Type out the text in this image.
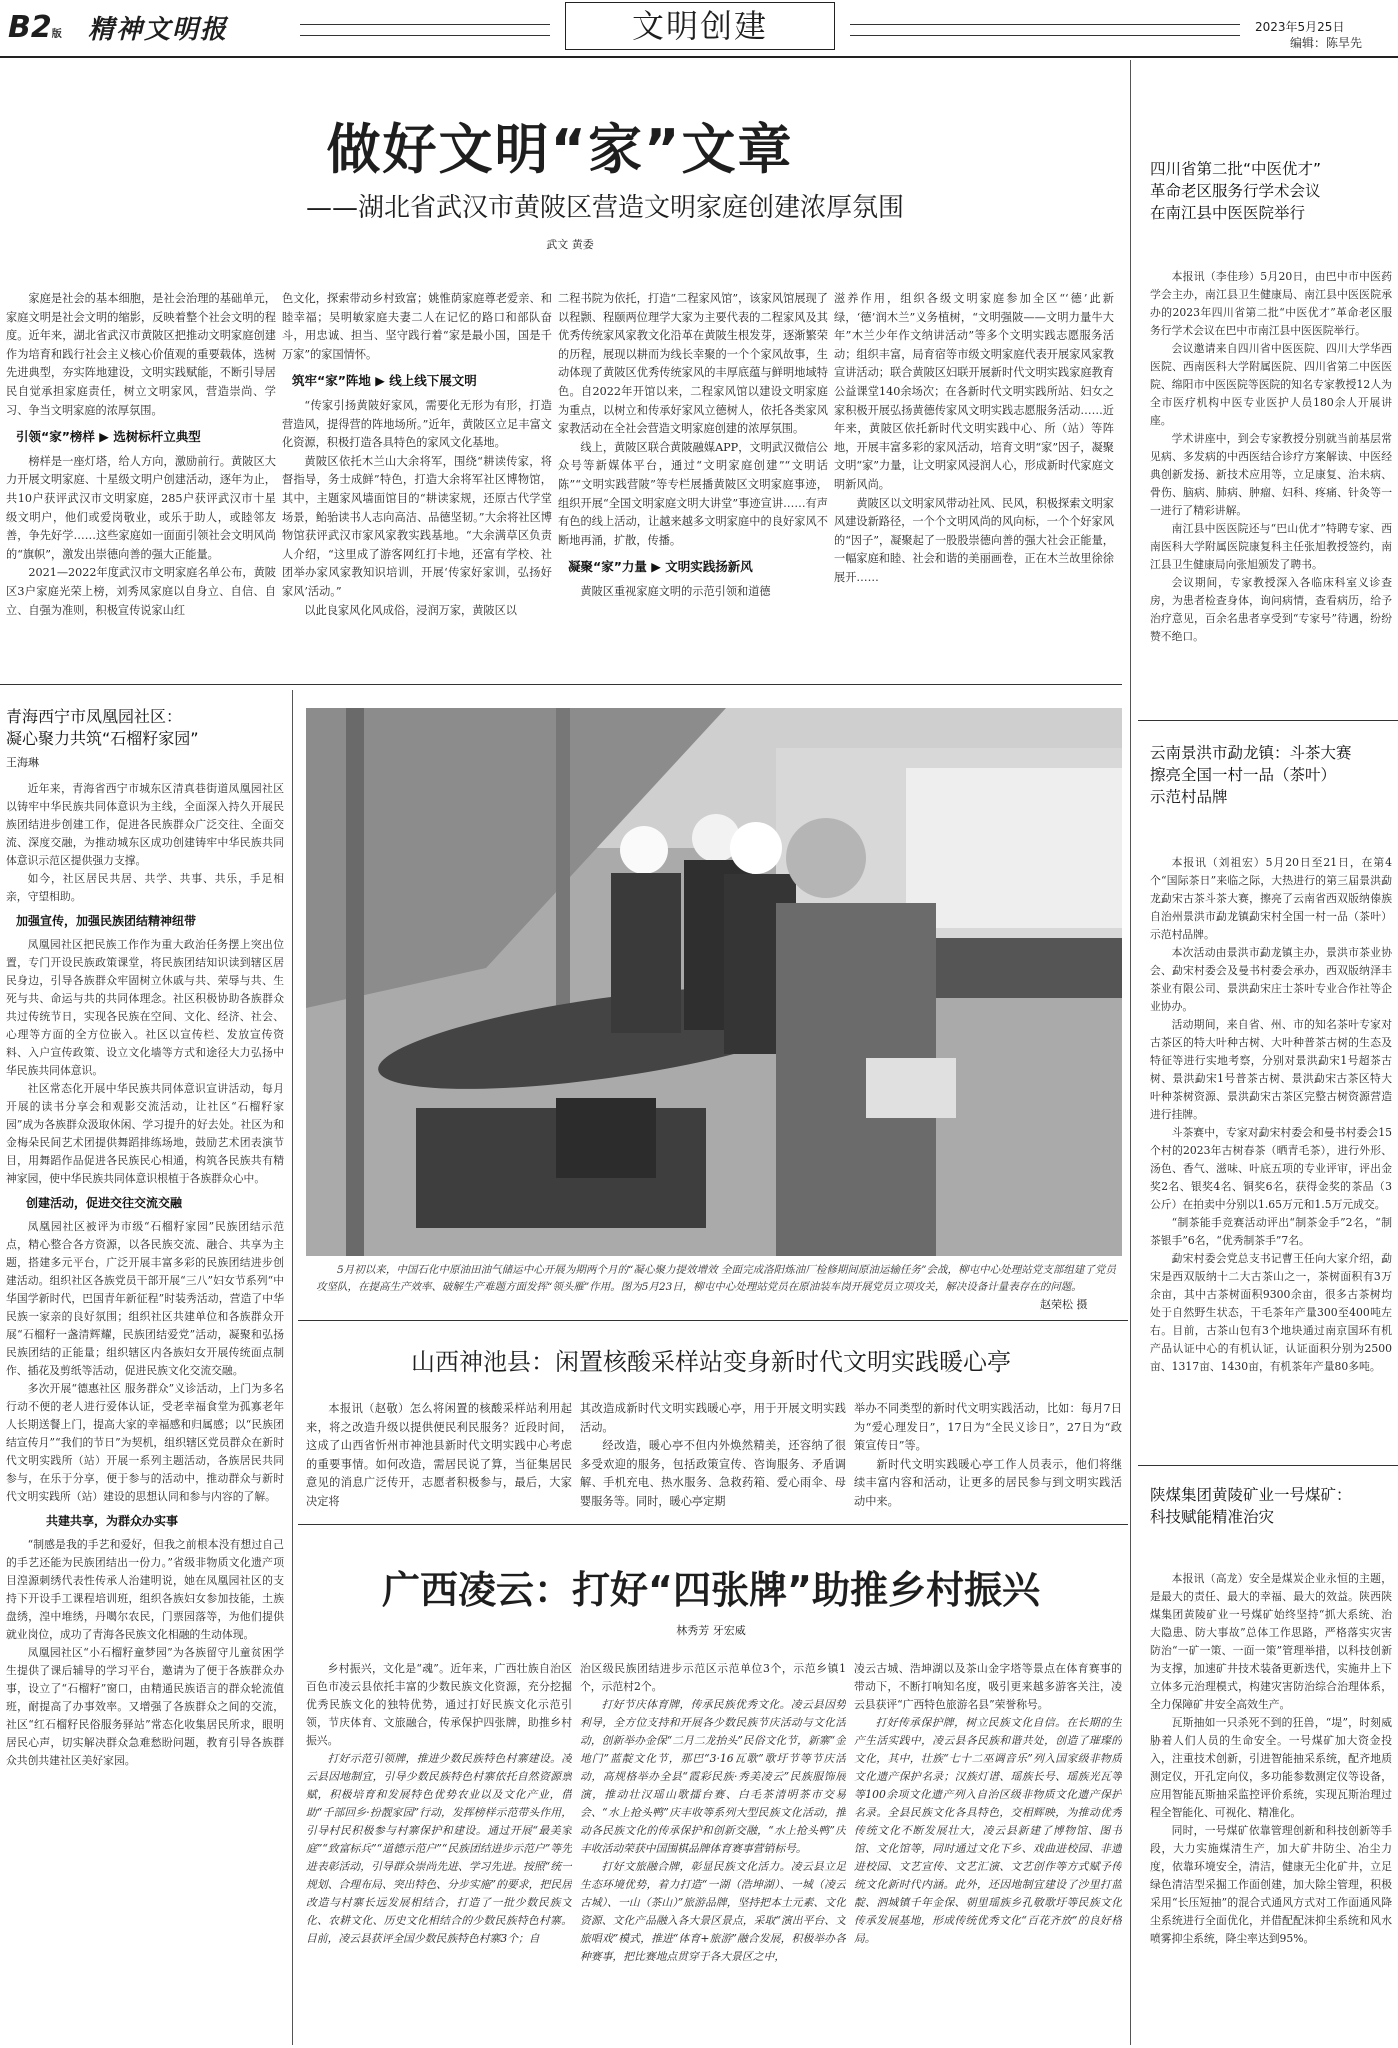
B2版 精神文明报	文明创建	2023年5月25日
编辑：陈旱先
做好文明“家”文章
——湖北省武汉市黄陂区营造文明家庭创建浓厚氛围
武文 黄委

家庭是社会的基本细胞，是社会治理的基础单元，家庭文明是社会文明的缩影，反映着整个社会文明的程度。近年来，湖北省武汉市黄陂区把推动文明家庭创建作为培育和践行社会主义核心价值观的重要载体，选树先进典型，夯实阵地建设，文明实践赋能，不断引导居民自觉承担家庭责任，树立文明家风，营造崇尚、学习、争当文明家庭的浓厚氛围。

引领“家”榜样 ▶ 选树标杆立典型

榜样是一座灯塔，给人方向，激励前行。黄陂区大力开展文明家庭、十星级文明户创建活动，逐年为止，共10户获评武汉市文明家庭，285户获评武汉市十星级文明户，他们或爱岗敬业，或乐于助人，或睦邻友善，争先好学……这些家庭如一面面引领社会文明风尚的“旗帜”，激发出崇德向善的强大正能量。

2021—2022年度武汉市文明家庭名单公布，黄陂区3户家庭光荣上榜，刘秀凤家庭以自身立、自信、自立、自强为准则，积极宣传说家山红

色文化，探索带动乡村致富；姚惟荫家庭尊老爱亲、和睦幸福；吴明敏家庭夫妻二人在记忆的路口和部队奋斗，用忠诚、担当、坚守践行着“家是最小国，国是千万家”的家国情怀。

筑牢“家”阵地 ▶ 线上线下展文明

“传家引扬黄陂好家风，需要化无形为有形，打造营造风，提得营的阵地场所。”近年，黄陂区立足丰富文化资源，积极打造各具特色的家风文化基地。

黄陂区依托木兰山大余将军，围绕“耕读传家，将督指导，务士成鲜”特色，打造大余将军社区博物馆，其中，主题家风墙面馆目的“耕读家规，还原古代学堂场景，鲐骀读书人志向高洁、品德坚韧。”大余将社区博物馆获评武汉市家风家教实践基地。“大余满草区负责人介绍，“这里成了游客网红打卡地，还富有学校、社团举办家风家教知识培训，开展‘传家好家训，弘扬好家风’活动。”

以此良家风化风成俗，浸润万家，黄陂区以

二程书院为依托，打造“二程家风馆”，该家风馆展现了以程颢、程颐两位理学大家为主要代表的二程家风及其优秀传统家风家教文化沿革在黄陂生根发芽，逐渐繁荣的历程，展现以耕而为线长幸聚的一个个家风故事，生动体现了黄陂区优秀传统家风的丰厚底蕴与鲜明地域特色。自2022年开馆以来，二程家风馆以建设文明家庭为重点，以树立和传承好家风立德树人，依托各类家风家教活动在全社会营造文明家庭创建的浓厚氛围。

线上，黄陂区联合黄陂融媒APP，文明武汉微信公众号等新媒体平台，通过“文明家庭创建”“文明话陈”“文明实践营陂”等专栏展播黄陂区文明家庭事迹，组织开展“全国文明家庭文明大讲堂”事迹宣讲……有声有色的线上活动，让越来越多文明家庭中的良好家风不断地再涌，扩散，传播。

凝聚“家”力量 ▶ 文明实践扬新风

黄陂区重视家庭文明的示范引领和道德

滋养作用，组织各级文明家庭参加全区“‘德’此新绿，‘德’润木兰”义务植树，“文明强陂——文明力量牛大年”木兰少年作文纳讲活动”等多个文明实践志愿服务活动；组织丰富，局育宿等市级文明家庭代表开展家风家教宣讲活动；联合黄陂区妇联开展新时代文明实践家庭教育公益课堂140余场次；在各新时代文明实践所站、妇女之家积极开展弘扬黄德传家风文明实践志愿服务活动……近年来，黄陂区依托新时代文明实践中心、所（站）等阵地，开展丰富多彩的家风活动，培育文明“家”因子，凝聚文明“家”力量，让文明家风浸润人心，形成新时代家庭文明新风尚。

黄陂区以文明家风带动社风、民风，积极探索文明家风建设新路径，一个个文明风尚的风向标，一个个好家风的“因子”，凝聚起了一股股崇德向善的强大社会正能量，一幅家庭和睦、社会和谐的美丽画卷，正在木兰故里徐徐展开……

四川省第二批“中医优才”
革命老区服务行学术会议
在南江县中医医院举行

本报讯（李佳珍）5月20日，由巴中市中医药学会主办，南江县卫生健康局、南江县中医医院承办的2023年四川省第二批“中医优才”革命老区服务行学术会议在巴中市南江县中医医院举行。

会议邀请来自四川省中医医院、四川大学华西医院、西南医科大学附属医院、四川省第二中医医院、绵阳市中医医院等医院的知名专家教授12人为全市医疗机构中医专业医护人员180余人开展讲座。

学术讲座中，到会专家教授分别就当前基层常见病、多发病的中西医结合诊疗方案解读、中医经典创新发扬、新技术应用等，立足康复、治未病、骨伤、脑病、肺病、肿瘤、妇科、疼痛、针灸等一一进行了精彩讲解。

南江县中医医院还与“巴山优才”特聘专家、西南医科大学附属医院康复科主任张旭教授签约，南江县卫生健康局向张旭颁发了聘书。

会议期间，专家教授深入各临床科室义诊查房，为患者检查身体，询问病情，查看病历，给予治疗意见，百余名患者享受到“专家号”待遇，纷纷赞不绝口。

云南景洪市勐龙镇：斗茶大赛
擦亮全国一村一品（茶叶）
示范村品牌

本报讯（刘祖宏）5月20日至21日，在第4个“国际茶日”来临之际，大热进行的第三届景洪勐龙勐宋古茶斗茶大赛，擦亮了云南省西双版纳傣族自治州景洪市勐龙镇勐宋村全国一村一品（茶叶）示范村品牌。

本次活动由景洪市勐龙镇主办，景洪市茶业协会、勐宋村委会及曼书村委会承办，西双版纳泽丰茶业有限公司、景洪勐宋庄士茶叶专业合作社等企业协办。

活动期间，来自省、州、市的知名茶叶专家对古茶区的特大叶种古树、大叶种普茶古树的生态及特征等进行实地考察，分别对景洪勐宋1号超茶古树、景洪勐宋1号普茶古树、景洪勐宋古茶区特大叶种茶树资源、景洪勐宋古茶区完整古树资源营造进行挂牌。

斗茶赛中，专家对勐宋村委会和曼书村委会15个村的2023年古树春茶（晒青毛茶），进行外形、汤色、香气、滋味、叶底五项的专业评审，评出金奖2名、银奖4名、铜奖6名，获得金奖的茶品（3公斤）在拍卖中分别以1.65万元和1.5万元成交。

“制茶能手竞赛活动评出“制茶金手”2名，“制茶银手”6名，“优秀制茶手”7名。

勐宋村委会党总支书记曹王任向大家介绍，勐宋是西双版纳十二大古茶山之一，茶树面积有3万余亩，其中古茶树面积9300余亩，很多古茶树均处于自然野生状态，干毛茶年产量300至400吨左右。目前，古茶山包有3个地块通过南京国环有机产品认证中心的有机认证，认证面积分别为2500亩、1317亩、1430亩，有机茶年产量80多吨。

陕煤集团黄陵矿业一号煤矿：
科技赋能精准治灾

本报讯（高龙）安全是煤炭企业永恒的主题，是最大的责任、最大的幸福、最大的效益。陕西陕煤集团黄陵矿业一号煤矿始终坚持“抓大系统、治大隐患、防大事故”总体工作思路，严格落实灾害防治“一矿一策、一面一策”管理举措，以科技创新为支撑，加速矿井技术装备更新迭代，实施井上下立体多元治理模式，构建灾害防治综合治理体系，全力保障矿井安全高效生产。

瓦斯抽如一只杀死不到的狂兽，“堤”，时刻威胁着人们人员的生命安全。一号煤矿加大资金投入，注重技术创新，引进智能抽采系统，配齐地质测定仪，开孔定向仪，多功能参数测定仪等设备，应用智能瓦斯抽采监控评价系统，实现瓦斯治理过程全智能化、可视化、精准化。

同时，一号煤矿依靠管理创新和科技创新等手段，大力实施煤清生产，加大矿井防尘、冶尘力度，依靠环境安全，清洁，健康无尘化矿井，立足绿色清洁型采掘工作面创建，加大除尘管理，积极采用“长压短抽”的混合式通风方式对工作面通风降尘系统进行全面优化，并借配配沫抑尘系统和风水喷雾抑尘系统，降尘率达到95%。

青海西宁市凤凰园社区：
凝心聚力共筑“石榴籽家园”
王海琳

近年来，青海省西宁市城东区清真巷街道凤凰园社区以铸牢中华民族共同体意识为主线，全面深入持久开展民族团结进步创建工作，促进各民族群众广泛交往、全面交流、深度交融，为推动城东区成功创建铸牢中华民族共同体意识示范区提供强力支撑。

如今，社区居民共居、共学、共事、共乐，手足相亲，守望相助。

加强宣传，加强民族团结精神纽带

凤凰园社区把民族工作作为重大政治任务摆上突出位置，专门开设民族政策课堂，将民族团结知识读到辖区居民身边，引导各族群众牢固树立休戚与共、荣辱与共、生死与共、命运与共的共同体理念。社区积极协助各族群众共过传统节日，实现各民族在空间、文化、经济、社会、心理等方面的全方位嵌入。社区以宣传栏、发放宣传资料、入户宣传政策、设立文化墙等方式和途径大力弘扬中华民族共同体意识。

社区常态化开展中华民族共同体意识宣讲活动，每月开展的读书分享会和观影交流活动，让社区“石榴籽家园”成为各族群众汲取休闲、学习提升的好去处。社区为和金梅朵民间艺术团提供舞蹈排练场地，鼓励艺术团表演节目，用舞蹈作品促进各民族民心相通，构筑各民族共有精神家园，使中华民族共同体意识根植于各族群众心中。

创建活动，促进交往交流交融

凤凰园社区被评为市级“石榴籽家园”民族团结示范点，精心整合各方资源，以各民族交流、融合、共享为主题，搭建多元平台，广泛开展丰富多彩的民族团结进步创建活动。组织社区各族党员干部开展“三八”妇女节系列“中华国学新时代，巴国青年新征程”时装秀活动，营造了中华民族一家亲的良好氛围；组织社区共建单位和各族群众开展“石榴籽一盏清辉耀，民族团结爱党”活动，凝聚和弘扬民族团结的正能量；组织辖区内各族妇女开展传统面点制作、插花及剪纸等活动，促进民族文化交流交融。

多次开展“德惠社区 服务群众”义诊活动，上门为多名行动不便的老人进行爱体认证，受老幸福食堂为孤寡老年人长期送餐上门，提高大家的幸福感和归属感；以“民族团结宣传月”“我们的节日”为契机，组织辖区党员群众在新时代文明实践所（站）开展一系列主题活动，各族居民共同参与，在乐于分享，便于参与的活动中，推动群众与新时代文明实践所（站）建设的思想认同和参与内容的了解。

共建共享，为群众办实事

“制感是我的手艺和爱好，但我之前根本没有想过自己的手艺还能为民族团结出一份力。”省级非物质文化遗产项目湟源刺绣代表性传承人治建明说，她在凤凰园社区的支持下开设手工课程培训班，组织各族妇女参加技能，土族盘绣，湟中堆绣，丹噶尔农民，门票园落等，为他们提供就业岗位，成功了青海各民族文化相融的生动体现。

凤凰园社区“小石榴籽童梦园”为各族留守儿童贫困学生提供了课后辅导的学习平台，邀请为了便于各族群众办事，设立了“石榴籽”窗口，由精通民族语言的群众轮流值班，耐提高了办事效率。又增强了各族群众之间的交流，社区“红石榴籽民俗服务驿站”常态化收集居民所求，眼明居民心声，切实解决群众急难愁盼问题，教育引导各族群众共创共建社区美好家园。

5月初以来，中国石化中原油田油气储运中心开展为期两个月的“凝心聚力提效增效 全面完成洛阳炼油厂检修期间原油运输任务”会战，柳屯中心处理站党支部组建了党员攻坚队，在提高生产效率、破解生产难题方面发挥“领头雁”作用。图为5月23日，柳屯中心处理站党员在原油装车岗开展党员立项攻关，解决设备计量表存在的问题。
赵荣松 摄
山西神池县：闲置核酸采样站变身新时代文明实践暖心亭

本报讯（赵敬）怎么将闲置的核酸采样站利用起来，将之改造升级以提供便民利民服务？近段时间，这成了山西省忻州市神池县新时代文明实践中心考虑的重要事情。如何改造，需居民说了算，当征集居民意见的消息广泛传开，志愿者积极参与，最后，大家决定将

其改造成新时代文明实践暖心亭，用于开展文明实践活动。

经改造，暖心亭不但内外焕然精美，还容纳了很多受欢迎的服务，包括政策宣传、咨询服务、矛盾调解、手机充电、热水服务、急救药箱、爱心雨伞、母婴服务等。同时，暖心亭定期

举办不同类型的新时代文明实践活动，比如：每月7日为“爱心理发日”，17日为“全民义诊日”，27日为“政策宣传日”等。

新时代文明实践暖心亭工作人员表示，他们将继续丰富内容和活动，让更多的居民参与到文明实践活动中来。

广西凌云：打好“四张牌”助推乡村振兴
林秀芳 牙宏威

乡村振兴，文化是“魂”。近年来，广西壮族自治区百色市凌云县依托丰富的少数民族文化资源，充分挖掘优秀民族文化的独特优势，通过打好民族文化示范引领，节庆体育、文旅融合，传承保护四张牌，助推乡村振兴。

打好示范引领牌，推进少数民族特色村寨建设。凌云县因地制宜，引导少数民族特色村寨依托自然资源禀赋，积极培育和发展特色优势农业以及文化产业，借助“千部回乡·扮靓家园”行动，发挥榜样示范带头作用，引导村民积极参与村寨保护和建设。通过开展“最美家庭”“致富标兵”“道德示范户”“民族团结进步示范户”等先进表彰活动，引导群众崇尚先进、学习先进。按照“统一规划、合理布局、突出特色、分步实施”的要求，把民居改造与村寨长远发展相结合，打造了一批少数民族文化、农耕文化、历史文化相结合的少数民族特色村寨。目前，凌云县获评全国少数民族特色村寨3个；自

治区级民族团结进步示范区示范单位3个，示范乡镇1个，示范村2个。

打好节庆体育牌，传承民族优秀文化。凌云县因势利导，全方位支持和开展各少数民族节庆活动与文化活动，创新举办金保“二月二龙抬头”民俗文化节，新寨“金地门”蓝靛文化节，那巴“3·16瓦歌”歌圩节等节庆活动，高规格举办全县“霞彩民族·秀美凌云”民族服饰展演，推动壮汉瑶山歌擂台赛、白毛茶清明茶市交易会、“水上抢头鸭”庆丰收等系列大型民族文化活动，推动各民族文化的传承保护和创新交融，“水上抢头鸭”庆丰收活动荣获中国围棋品牌体育赛事营销标号。

打好文旅融合牌，彰显民族文化活力。凌云县立足生态环境优势，着力打造“一湖（浩坤湖）、一城（凌云古城）、一山（茶山）”旅游品牌，坚持把本土元素、文化资源、文化产品融入各大景区景点，采取“演出平台、文旅唱戏”模式，推进“体育+旅游”融合发展，积极举办各种赛事，把比赛地点贯穿于各大景区之中，

凌云古城、浩坤湖以及茶山金字塔等景点在体育赛事的带动下，不断打响知名度，吸引更来越多游客关注，凌云县获评“广西特色旅游名县”荣誉称号。

打好传承保护牌，树立民族文化自信。在长期的生产生活实践中，凌云县各民族和谐共处，创造了璀璨的文化，其中，壮族“七十二巫调音乐”列入国家级非物质文化遗产保护名录；汉族灯谱、瑶族长号、瑶族光瓦等等100余项文化遗产列入自治区级非物质文化遗产保护名录。全县民族文化各具特色，交相辉映，为推动优秀传统文化不断发展壮大，凌云县新建了博物馆、图书馆、文化馆等，同时通过文化下乡、戏曲进校园、非遗进校园、文艺宣传、文艺汇演、文艺创作等方式赋予传统文化新时代内涵。此外，还因地制宜建设了沙里打蓝靛、泗城镇千年金保、朝里瑶族乡孔敬歌圩等民族文化传承发展基地，形成传统优秀文化“百花齐放”的良好格局。
